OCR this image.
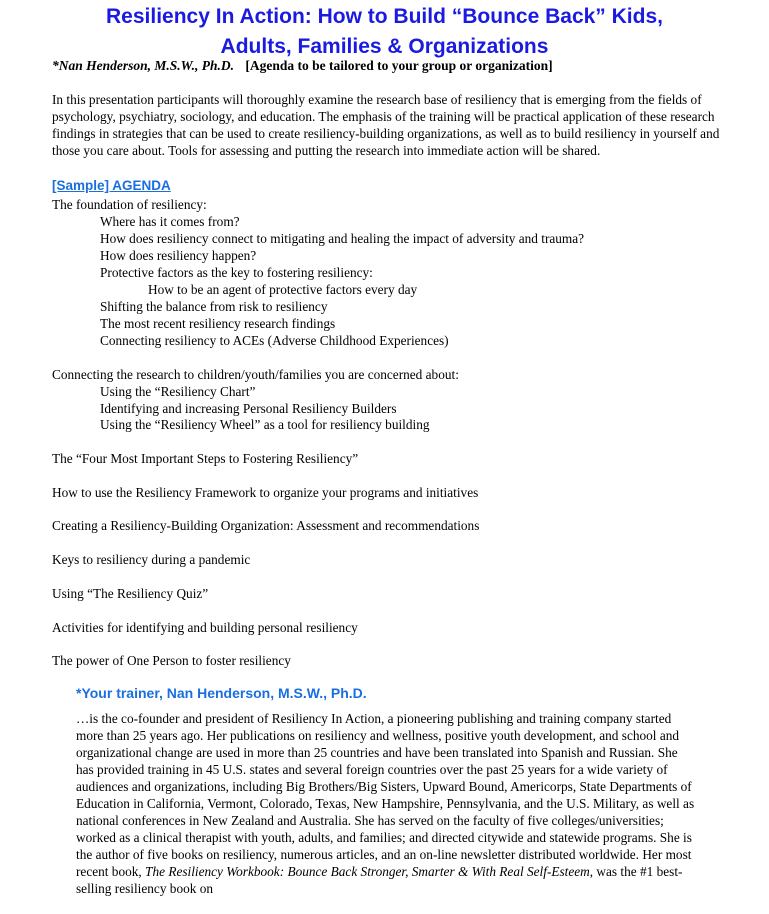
Resiliency In Action: How to Build “Bounce Back” Kids,
Adults, Families & Organizations
*Nan Henderson, M.S.W., Ph.D. [Agenda to be tailored to your group or organization]
In this presentation participants will thoroughly examine the research base of resiliency that is emerging from the fields of psychology, psychiatry, sociology, and education. The emphasis of the training will be practical application of these research findings in strategies that can be used to create resiliency-building organizations, as well as to build resiliency in yourself and those you care about. Tools for assessing and putting the research into immediate action will be shared.
[Sample] AGENDA
The foundation of resiliency:
Where has it comes from?
How does resiliency connect to mitigating and healing the impact of adversity and trauma?
How does resiliency happen?
Protective factors as the key to fostering resiliency:
How to be an agent of protective factors every day
Shifting the balance from risk to resiliency
The most recent resiliency research findings
Connecting resiliency to ACEs (Adverse Childhood Experiences)
Connecting the research to children/youth/families you are concerned about:
Using the “Resiliency Chart”
Identifying and increasing Personal Resiliency Builders
Using the “Resiliency Wheel” as a tool for resiliency building
The “Four Most Important Steps to Fostering Resiliency”
How to use the Resiliency Framework to organize your programs and initiatives
Creating a Resiliency-Building Organization: Assessment and recommendations
Keys to resiliency during a pandemic
Using “The Resiliency Quiz”
Activities for identifying and building personal resiliency
The power of One Person to foster resiliency
*Your trainer, Nan Henderson, M.S.W., Ph.D.
…is the co-founder and president of Resiliency In Action, a pioneering publishing and training company started more than 25 years ago. Her publications on resiliency and wellness, positive youth development, and school and organizational change are used in more than 25 countries and have been translated into Spanish and Russian. She has provided training in 45 U.S. states and several foreign countries over the past 25 years for a wide variety of audiences and organizations, including Big Brothers/Big Sisters, Upward Bound, Americorps, State Departments of Education in California, Vermont, Colorado, Texas, New Hampshire, Pennsylvania, and the U.S. Military, as well as national conferences in New Zealand and Australia. She has served on the faculty of five colleges/universities; worked as a clinical therapist with youth, adults, and families; and directed citywide and statewide programs. She is the author of five books on resiliency, numerous articles, and an on-line newsletter distributed worldwide. Her most recent book, The Resiliency Workbook: Bounce Back Stronger, Smarter & With Real Self-Esteem, was the #1 best-selling resiliency book on
